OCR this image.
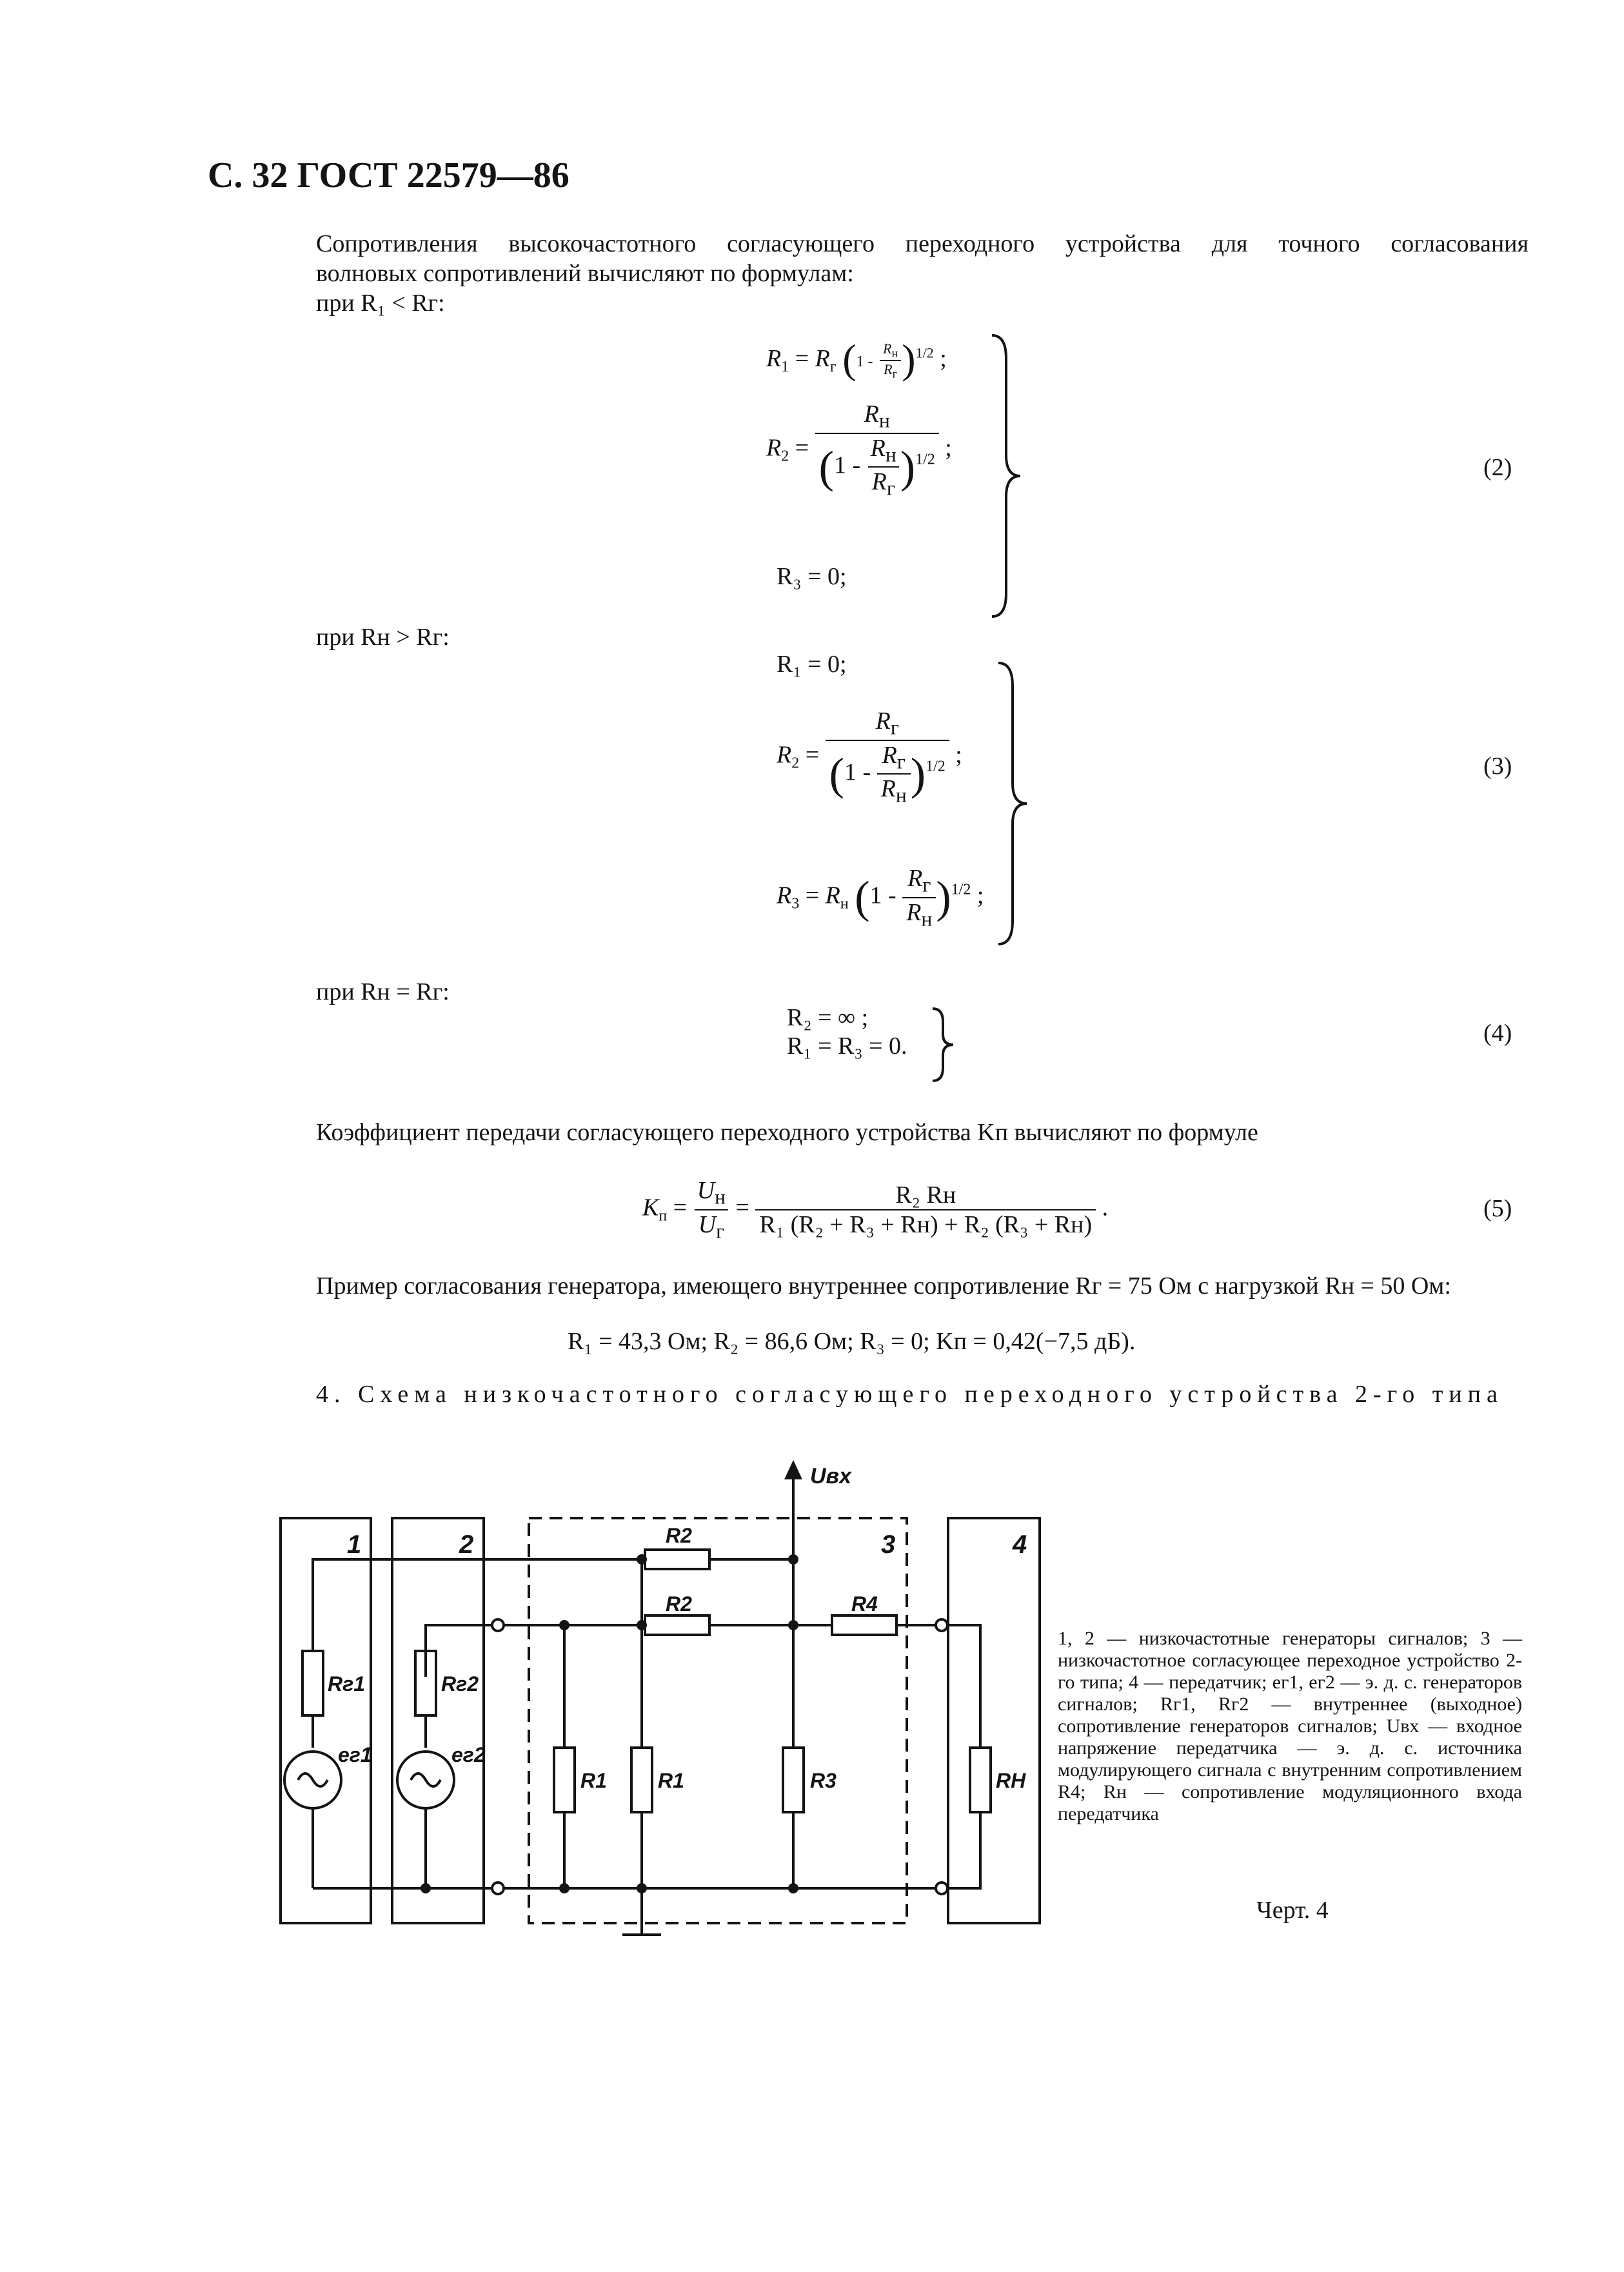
С. 32 ГОСТ 22579—86
Сопротивления высокочастотного согласующего переходного устройства для точного согласования
волновых сопротивлений вычисляют по формулам:
при R₁ < Rг:
$R_1 = R_г$ $(1 - \frac{R_н}{R_г} )^{1/2}$ ;
$R_2 = \frac{R_н}{(1 - \frac{R_н}{R_г} )^{1/2}}$ ;
R₃ = 0;
(2)
при Rн > Rг:
R₁ = 0;
$R_2 = \frac{R_г}{(1 - \frac{R_г}{R_н} )^{1/2}}$ ;
$R_3 = R_н$ $(1 - \frac{R_г}{R_н} )^{1/2}$ ;
(3)
при Rн = Rг:
R₂ = ∞ ;
R₁ = R₃ = 0.	(4)
Коэффициент передачи согласующего переходного устройства Kп вычисляют по формуле
$K_п = \frac{U_н}{U_г} = \frac{\text{R₂ Rн}}{\text{R₁ (R₂ + R₃ + Rн) + R₂ (R₃ + Rн)}}$ .	(5)
Пример согласования генератора, имеющего внутреннее сопротивление Rг = 75 Ом с нагрузкой Rн = 50 Ом:
R₁ = 43,3 Ом; R₂ = 86,6 Ом; R₃ = 0; Kп = 0,42(−7,5 дБ).
4. Схема низкочастотного согласующего переходного устройства 2-го типа
1	2	3	4
Uвх
R2
R2	R4
R1 R1	R3	RH
Rг1	Rг2
eг1	eг2
1, 2 — низкочастотные генераторы сигналов; 3 — низкочастотное согласующее переходное устройство 2-го типа; 4 — передатчик; eг1, eг2 — э. д. с. генераторов сигналов; Rг1, Rг2 — внутреннее (выходное) сопротивление генераторов сигналов; Uвх — входное напряжение передатчика — э. д. с. источника модулирующего сигнала с внутренним сопротивлением R4; Rн — сопротивление модуляционного входа передатчика
Черт. 4
